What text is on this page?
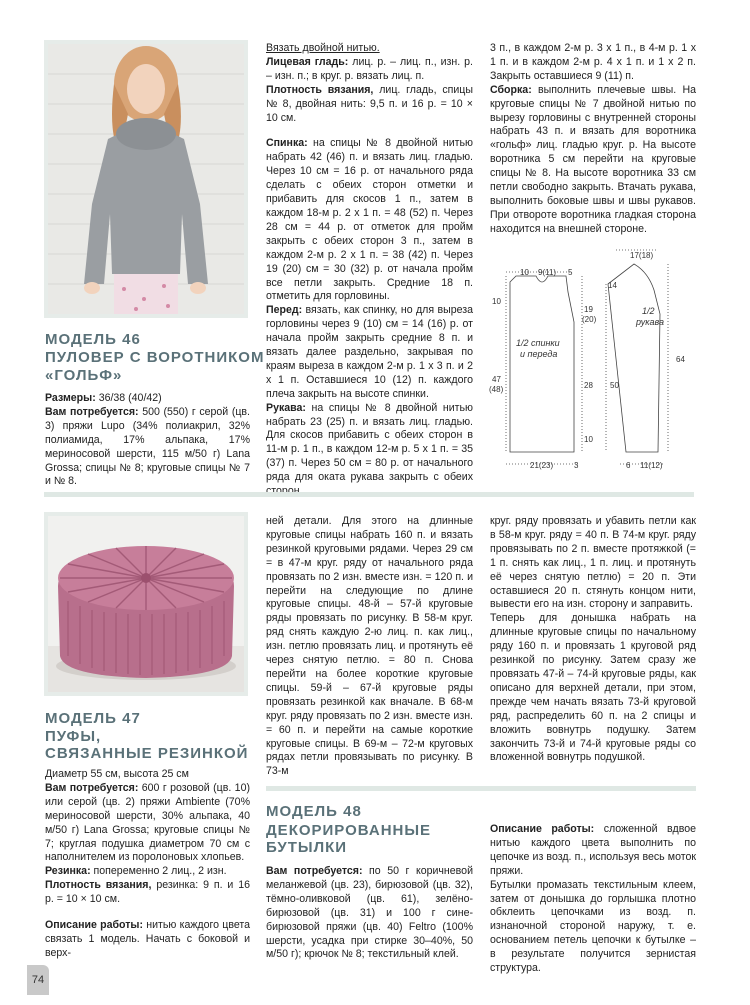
МОДЕЛЬ 46
ПУЛОВЕР С ВОРОТНИКОМ
«ГОЛЬФ»

Размеры: 36/38 (40/42)

Вам потребуется: 500 (550) г серой (цв. 3) пряжи Lupo (34% полиакрил, 32% полиамида, 17% альпака, 17% мериносовой шерсти, 115 м/50 г) Lana Grossa; спицы № 8; круговые спицы № 7 и № 8.

Вязать двойной нитью.

Лицевая гладь: лиц. р. – лиц. п., изн. р. – изн. п.; в круг. р. вязать лиц. п.

Плотность вязания, лиц. гладь, спицы № 8, двойная нить: 9,5 п. и 16 р. = 10 × 10 см.

Спинка: на спицы № 8 двойной нитью набрать 42 (46) п. и вязать лиц. гладью. Через 10 см = 16 р. от начального ряда сделать с обеих сторон отметки и прибавить для скосов 1 п., затем в каждом 18-м р. 2 х 1 п. = 48 (52) п. Через 28 см = 44 р. от отметок для пройм закрыть с обеих сторон 3 п., затем в каждом 2-м р. 2 х 1 п. = 38 (42) п. Через 19 (20) см = 30 (32) р. от начала пройм все петли закрыть. Средние 18 п. отметить для горловины.

Перед: вязать, как спинку, но для выреза горловины через 9 (10) см = 14 (16) р. от начала пройм закрыть средние 8 п. и вязать далее раздельно, закрывая по краям выреза в каждом 2-м р. 1 х 3 п. и 2 х 1 п. Оставшиеся 10 (12) п. каждого плеча закрыть на высоте спинки.

Рукава: на спицы № 8 двойной нитью набрать 23 (25) п. и вязать лиц. гладью. Для скосов прибавить с обеих сторон в 11-м р. 1 п., в каждом 12-м р. 5 х 1 п. = 35 (37) п. Через 50 см = 80 р. от начального ряда для оката рукава закрыть с обеих

3 п., в каждом 2-м р. 3 х 1 п., в 4-м р. 1 х 1 п. и в каждом 2-м р. 4 х 1 п. и 1 х 2 п. Закрыть оставшиеся 9 (11) п.

Сборка: выполнить плечевые швы. На круговые спицы № 7 двойной нитью по вырезу горловины с внутренней стороны набрать 43 п. и вязать для воротника «гольф» лиц. гладью круг. р. На высоте воротника 5 см перейти на круговые спицы № 8. На высоте воротника 33 см петли свободно закрыть. Втачать рукава, выполнить боковые швы и швы рукавов. При отвороте воротника гладкая сторона находится на внешней стороне.

10 9(11) 5
10
47
(48)
19
(20)
28
10
21(23)	3
1/2 спинки
и переда
17(18)
14
1/2
рукава
50
64
6 11(12)
МОДЕЛЬ 47
ПУФЫ,
СВЯЗАННЫЕ РЕЗИНКОЙ

Диаметр 55 см, высота 25 см

Вам потребуется: 600 г розовой (цв. 10) или серой (цв. 2) пряжи Ambiente (70% мериносовой шерсти, 30% альпака, 40 м/50 г) Lana Grossa; круговые спицы № 7; круглая подушка диаметром 70 см с наполнителем из поролоновых хлопьев.

Резинка: попеременно 2 лиц., 2 изн.

Плотность вязания, резинка: 9 п. и 16 р. = 10 × 10 см.

Описание работы: нитью каждого цвета связать 1 модель. Начать с боковой и верх-

ней детали. Для этого на длинные круговые спицы набрать 160 п. и вязать резинкой круговыми рядами. Через 29 см = в 47-м круг. ряду от начального ряда провязать по 2 изн. вместе изн. = 120 п. и перейти на следующие по длине круговые спицы. 48-й – 57-й круговые ряды провязать по рисунку. В 58-м круг. ряд снять каждую 2-ю лиц. п. как лиц., изн. петлю провязать лиц. и протянуть её через снятую петлю. = 80 п. Снова перейти на более короткие круговые спицы. 59-й – 67-й круговые ряды провязать резинкой как вначале. В 68-м круг. ряду провязать по 2 изн. вместе изн. = 60 п. и перейти на самые короткие круговые спицы. В 69-м – 72-м круговых рядах петли провязывать по рисунку. В 73-м

круг. ряду провязать и убавить петли как в 58-м круг. ряду = 40 п. В 74-м круг. ряду провязывать по 2 п. вместе протяжкой (= 1 п. снять как лиц., 1 п. лиц. и протянуть её через снятую петлю) = 20 п. Эти оставшиеся 20 п. стянуть концом нити, вывести его на изн. сторону и заправить.

Теперь для донышка набрать на длинные круговые спицы по начальному ряду 160 п. и провязать 1 круговой ряд резинкой по рисунку. Затем сразу же провязать 47-й – 74-й круговые ряды, как описано для верхней детали, при этом, прежде чем начать вязать 73-й круговой ряд, распределить 60 п. на 2 спицы и вложить вовнутрь подушку. Затем закончить 73-й и 74-й круговые ряды со вложенной вовнутрь подушкой.

МОДЕЛЬ 48
ДЕКОРИРОВАННЫЕ
БУТЫЛКИ

Вам потребуется: по 50 г коричневой меланжевой (цв. 23), бирюзовой (цв. 32), тёмно-оливковой (цв. 61), зелёно-бирюзовой (цв. 31) и 100 г сине-бирюзовой пряжи (цв. 40) Feltro (100% шерсти, усадка при стирке 30–40%, 50 м/50 г); крючок № 8; текстильный клей.

Описание работы: сложенной вдвое нитью каждого цвета выполнить по цепочке из возд. п., используя весь моток пряжи.

Бутылки промазать текстильным клеем, затем от донышка до горлышка плотно обклеить цепочками из возд. п. изнаночной стороной наружу, т. е. основанием петель цепочки к бутылке – в результате получится зернистая структура.

74
